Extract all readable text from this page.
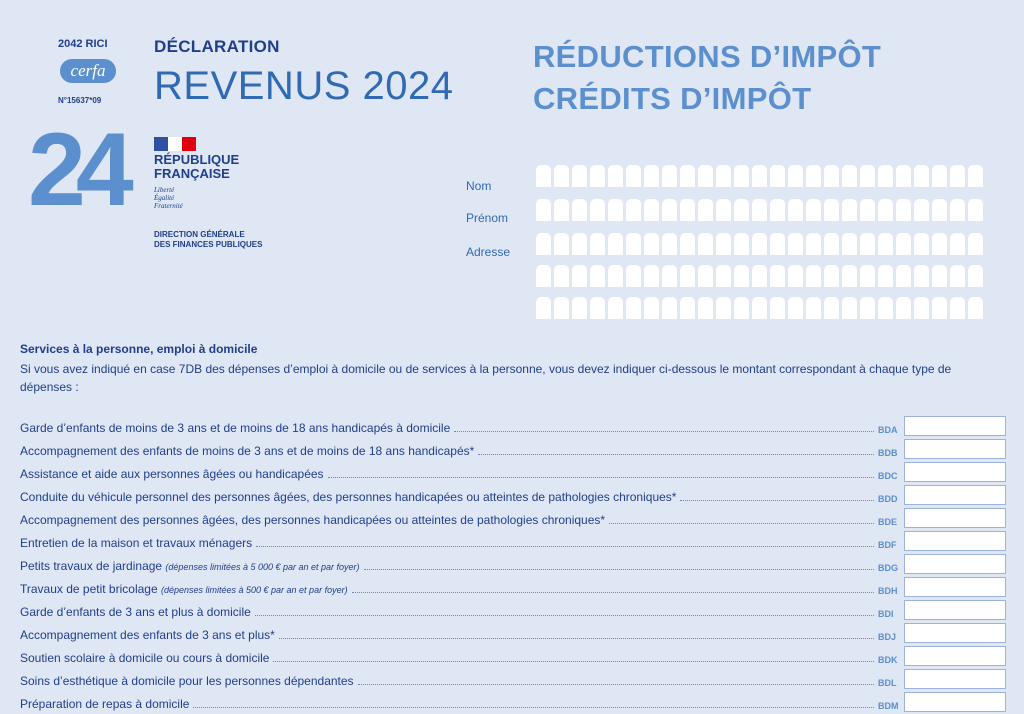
2042 RICI
cerfa
N°15637*09
DÉCLARATION
REVENUS 2024
24 RÉPUBLIQUE
FRANÇAISE
Liberté
Égalité
Fraternité
DIRECTION GÉNÉRALE
DES FINANCES PUBLIQUES
RÉDUCTIONS D’IMPÔT
CRÉDITS D’IMPÔT
Nom
Prénom
Adresse
Services à la personne, emploi à domicile
Si vous avez indiqué en case 7DB des dépenses d’emploi à domicile ou de services à la personne, vous devez indiquer ci-dessous le montant correspondant à chaque type de dépenses :
Garde d’enfants de moins de 3 ans et de moins de 18 ans handicapés à domicile	BDA
Accompagnement des enfants de moins de 3 ans et de moins de 18 ans handicapés*	BDB
Assistance et aide aux personnes âgées ou handicapées	BDC
Conduite du véhicule personnel des personnes âgées, des personnes handicapées ou atteintes de pathologies chroniques*	BDD
Accompagnement des personnes âgées, des personnes handicapées ou atteintes de pathologies chroniques*	BDE
Entretien de la maison et travaux ménagers	BDF
Petits travaux de jardinage (dépenses limitées à 5 000 € par an et par foyer)	BDG
Travaux de petit bricolage (dépenses limitées à 500 € par an et par foyer)	BDH
Garde d’enfants de 3 ans et plus à domicile	BDI
Accompagnement des enfants de 3 ans et plus*	BDJ
Soutien scolaire à domicile ou cours à domicile	BDK
Soins d’esthétique à domicile pour les personnes dépendantes	BDL
Préparation de repas à domicile	BDM
